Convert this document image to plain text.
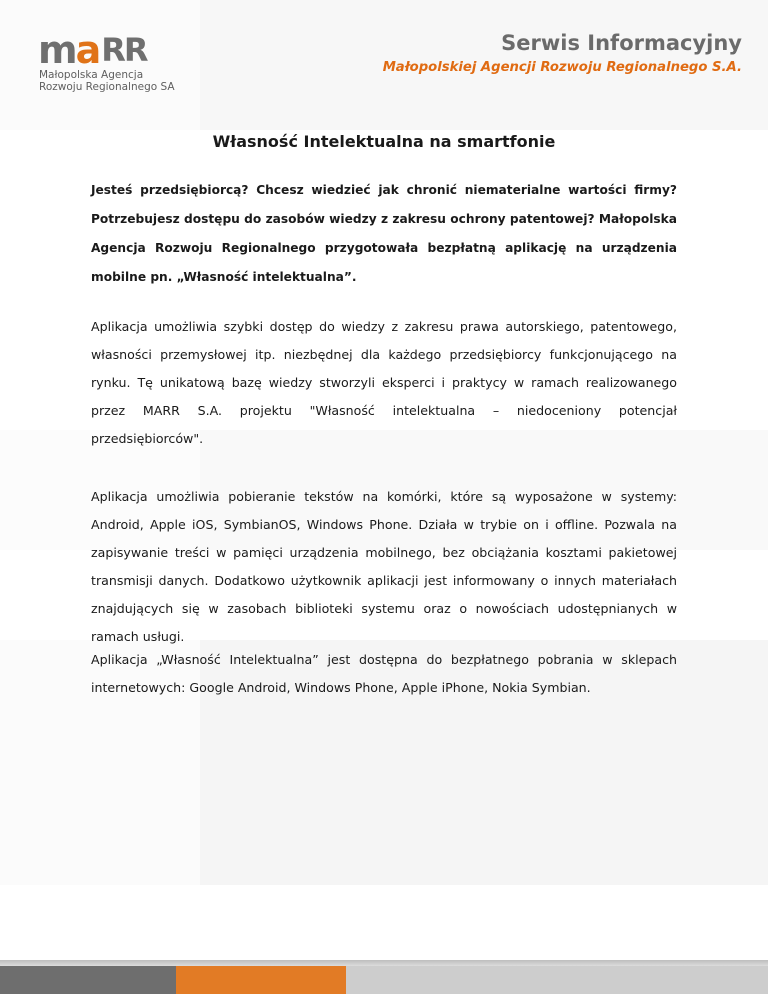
m a RR
Małopolska Agencja
Rozwoju Regionalnego SA
Serwis Informacyjny
Małopolskiej Agencji Rozwoju Regionalnego S.A.
Własność Intelektualna na smartfonie
Jesteś przedsiębiorcą? Chcesz wiedzieć jak chronić niematerialne wartości firmy? Potrzebujesz dostępu do zasobów wiedzy z zakresu ochrony patentowej? Małopolska Agencja Rozwoju Regionalnego przygotowała bezpłatną aplikację na urządzenia mobilne pn. „Własność intelektualna”.
Aplikacja umożliwia szybki dostęp do wiedzy z zakresu prawa autorskiego, patentowego, własności przemysłowej itp. niezbędnej dla każdego przedsiębiorcy funkcjonującego na rynku. Tę unikatową bazę wiedzy stworzyli eksperci i praktycy w ramach realizowanego przez MARR S.A. projektu "Własność intelektualna – niedoceniony potencjał przedsiębiorców".
Aplikacja umożliwia pobieranie tekstów na komórki, które są wyposażone w systemy: Android, Apple iOS, SymbianOS, Windows Phone. Działa w trybie on i offline. Pozwala na zapisywanie treści w pamięci urządzenia mobilnego, bez obciążania kosztami pakietowej transmisji danych. Dodatkowo użytkownik aplikacji jest informowany o innych materiałach znajdujących się w zasobach biblioteki systemu oraz o nowościach udostępnianych w ramach usługi.
Aplikacja „Własność Intelektualna” jest dostępna do bezpłatnego pobrania w sklepach internetowych: Google Android, Windows Phone, Apple iPhone, Nokia Symbian.
